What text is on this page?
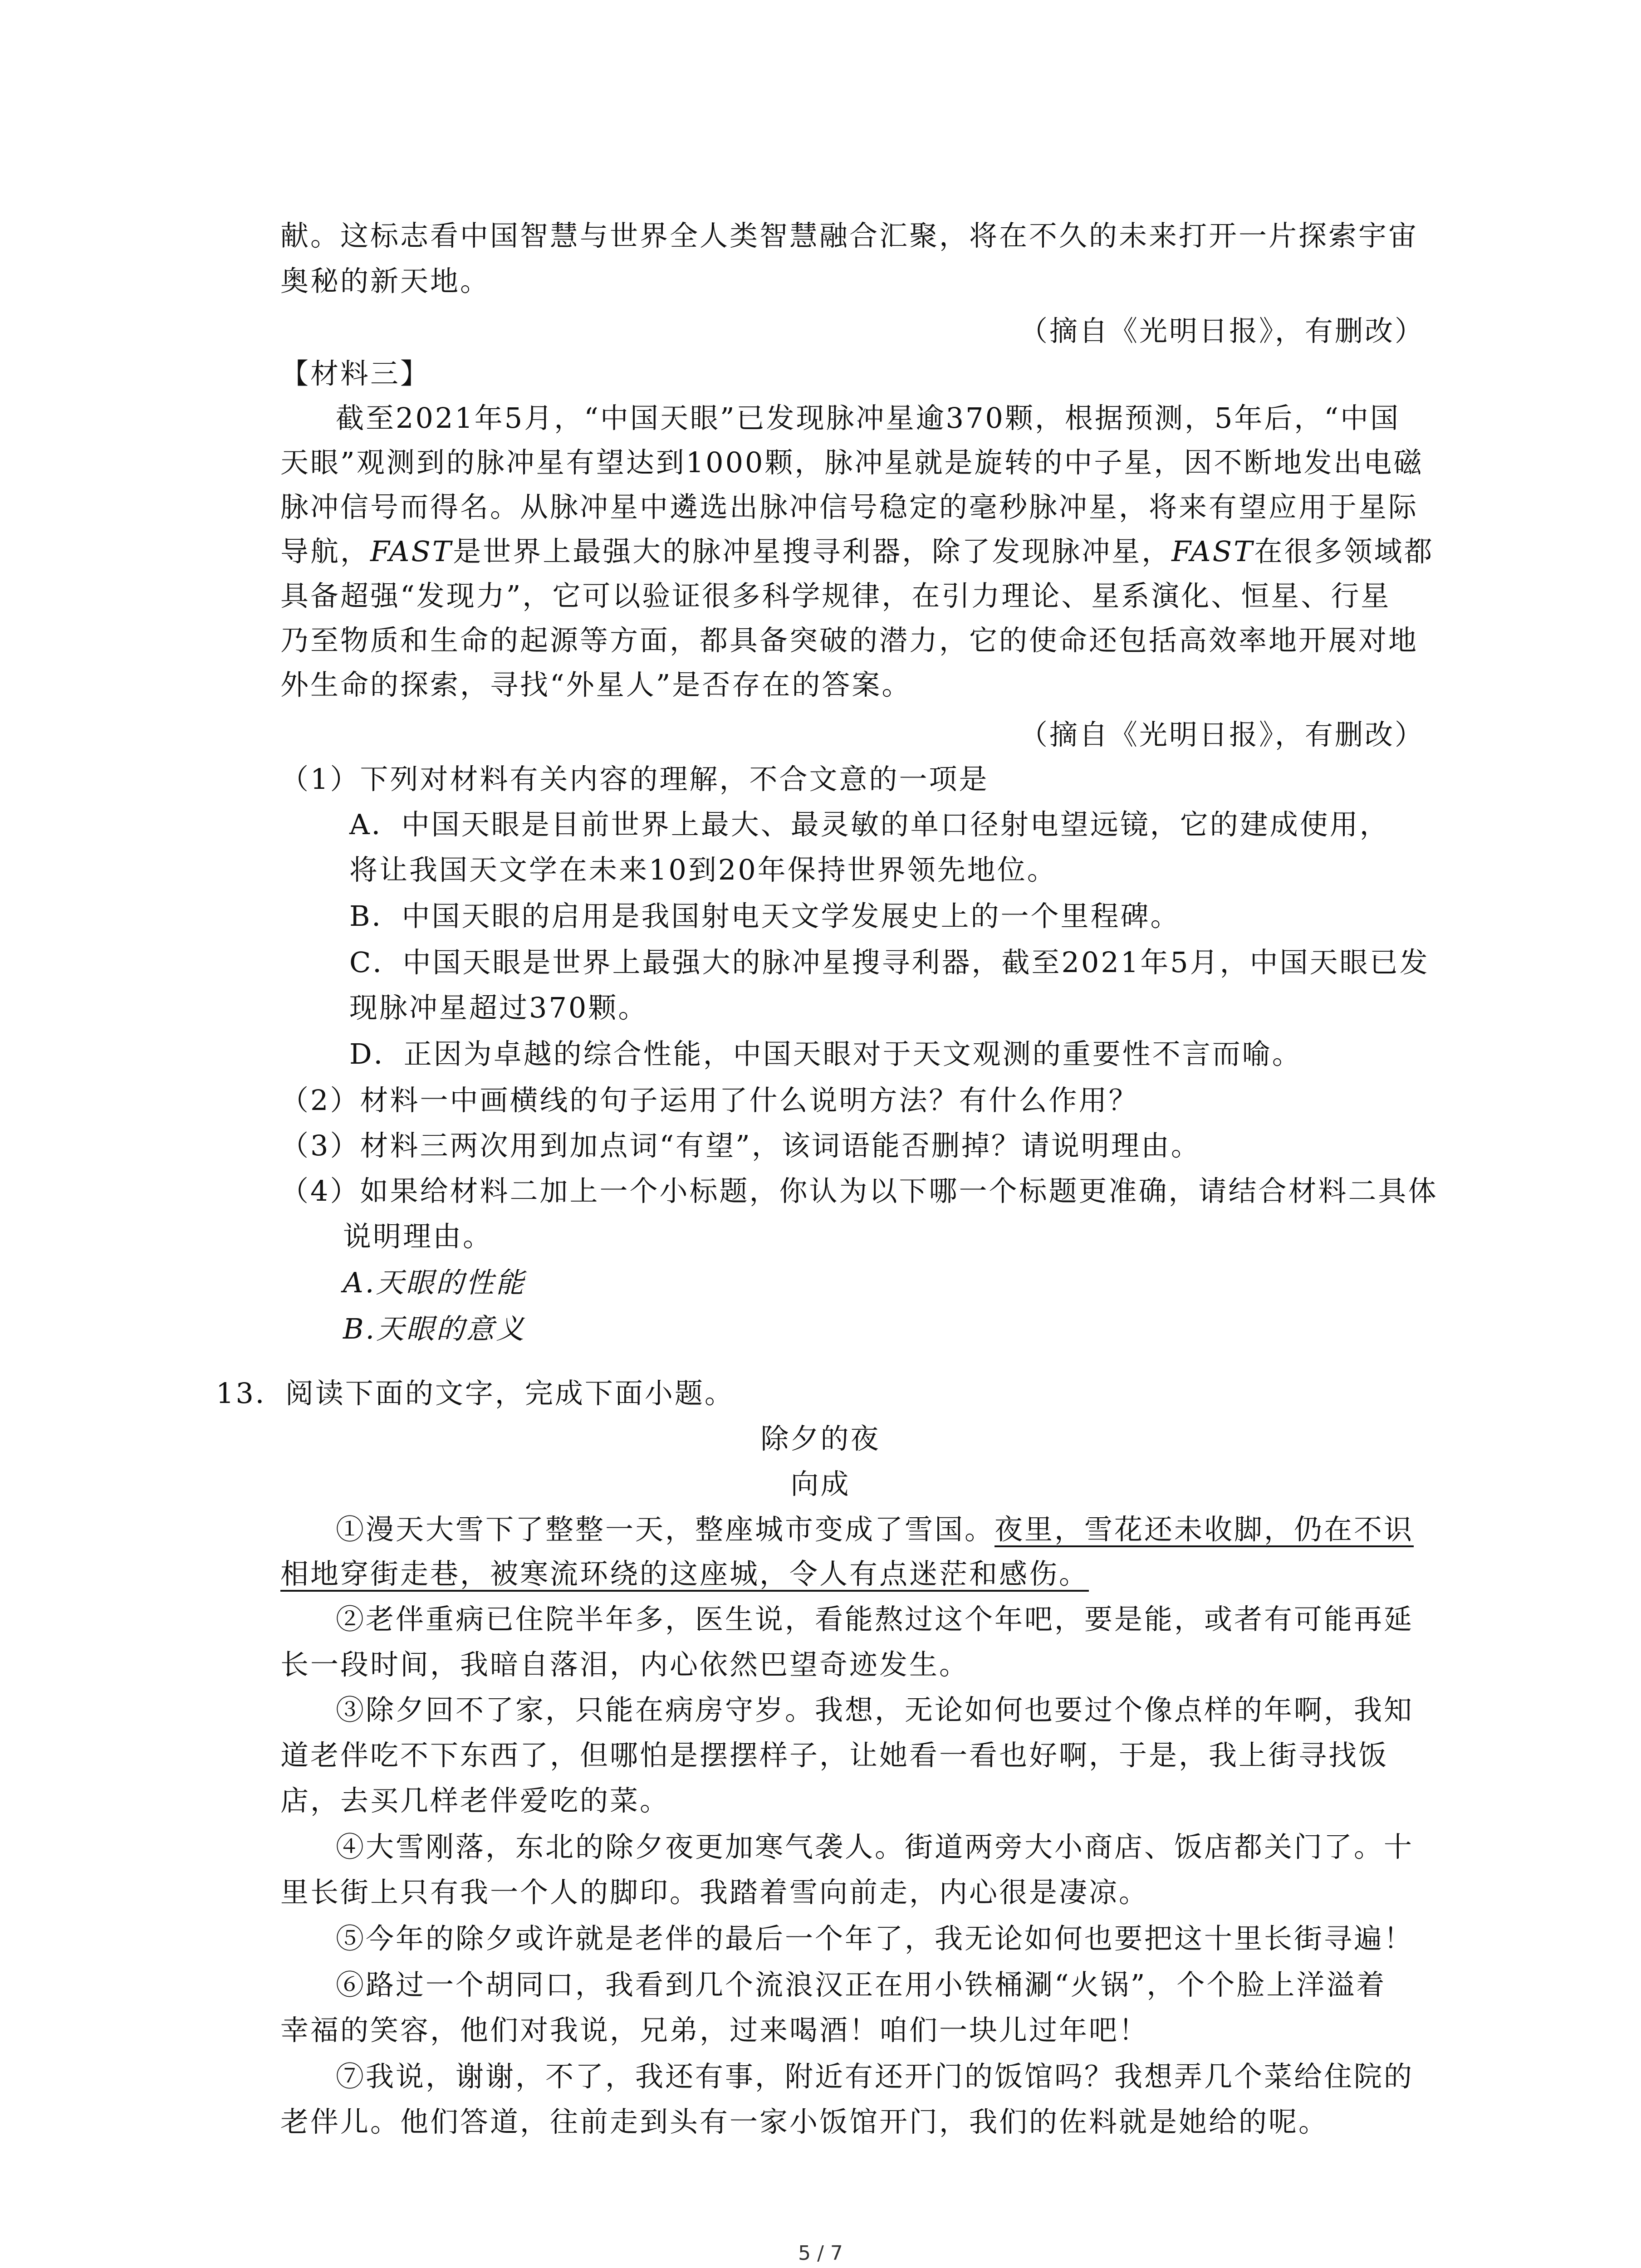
献。这标志看中国智慧与世界全人类智慧融合汇聚，将在不久的未来打开一片探索宇宙
奥秘的新天地。
（摘自《光明日报》，有删改）
【材料三】
截至2021年5月，“中国天眼”已发现脉冲星逾370颗，根据预测，5年后，“中国
天眼”观测到的脉冲星有望达到1000颗，脉冲星就是旋转的中子星，因不断地发出电磁
脉冲信号而得名。从脉冲星中遴选出脉冲信号稳定的毫秒脉冲星，将来有望应用于星际
导航，FAST是世界上最强大的脉冲星搜寻利器，除了发现脉冲星，FAST在很多领域都
具备超强“发现力”，它可以验证很多科学规律，在引力理论、星系演化、恒星、行星
乃至物质和生命的起源等方面，都具备突破的潜力，它的使命还包括高效率地开展对地
外生命的探索，寻找“外星人”是否存在的答案。
（摘自《光明日报》，有删改）
（1）下列对材料有关内容的理解，不合文意的一项是
A．中国天眼是目前世界上最大、最灵敏的单口径射电望远镜，它的建成使用，
将让我国天文学在未来10到20年保持世界领先地位。
B．中国天眼的启用是我国射电天文学发展史上的一个里程碑。
C．中国天眼是世界上最强大的脉冲星搜寻利器，截至2021年5月，中国天眼已发
现脉冲星超过370颗。
D．正因为卓越的综合性能，中国天眼对于天文观测的重要性不言而喻。
（2）材料一中画横线的句子运用了什么说明方法？有什么作用？
（3）材料三两次用到加点词“有望”，该词语能否删掉？请说明理由。
（4）如果给材料二加上一个小标题，你认为以下哪一个标题更准确，请结合材料二具体
说明理由。
A.天眼的性能
B.天眼的意义
13．阅读下面的文字，完成下面小题。
除夕的夜
向成
①漫天大雪下了整整一天，整座城市变成了雪国。夜里，雪花还未收脚，仍在不识
相地穿街走巷，被寒流环绕的这座城，令人有点迷茫和感伤。
②老伴重病已住院半年多，医生说，看能熬过这个年吧，要是能，或者有可能再延
长一段时间，我暗自落泪，内心依然巴望奇迹发生。
③除夕回不了家，只能在病房守岁。我想，无论如何也要过个像点样的年啊，我知
道老伴吃不下东西了，但哪怕是摆摆样子，让她看一看也好啊，于是，我上街寻找饭
店，去买几样老伴爱吃的菜。
④大雪刚落，东北的除夕夜更加寒气袭人。街道两旁大小商店、饭店都关门了。十
里长街上只有我一个人的脚印。我踏着雪向前走，内心很是凄凉。
⑤今年的除夕或许就是老伴的最后一个年了，我无论如何也要把这十里长街寻遍！
⑥路过一个胡同口，我看到几个流浪汉正在用小铁桶涮“火锅”，个个脸上洋溢着
幸福的笑容，他们对我说，兄弟，过来喝酒！咱们一块儿过年吧！
⑦我说，谢谢，不了，我还有事，附近有还开门的饭馆吗？我想弄几个菜给住院的
老伴儿。他们答道，往前走到头有一家小饭馆开门，我们的佐料就是她给的呢。
5 / 7
